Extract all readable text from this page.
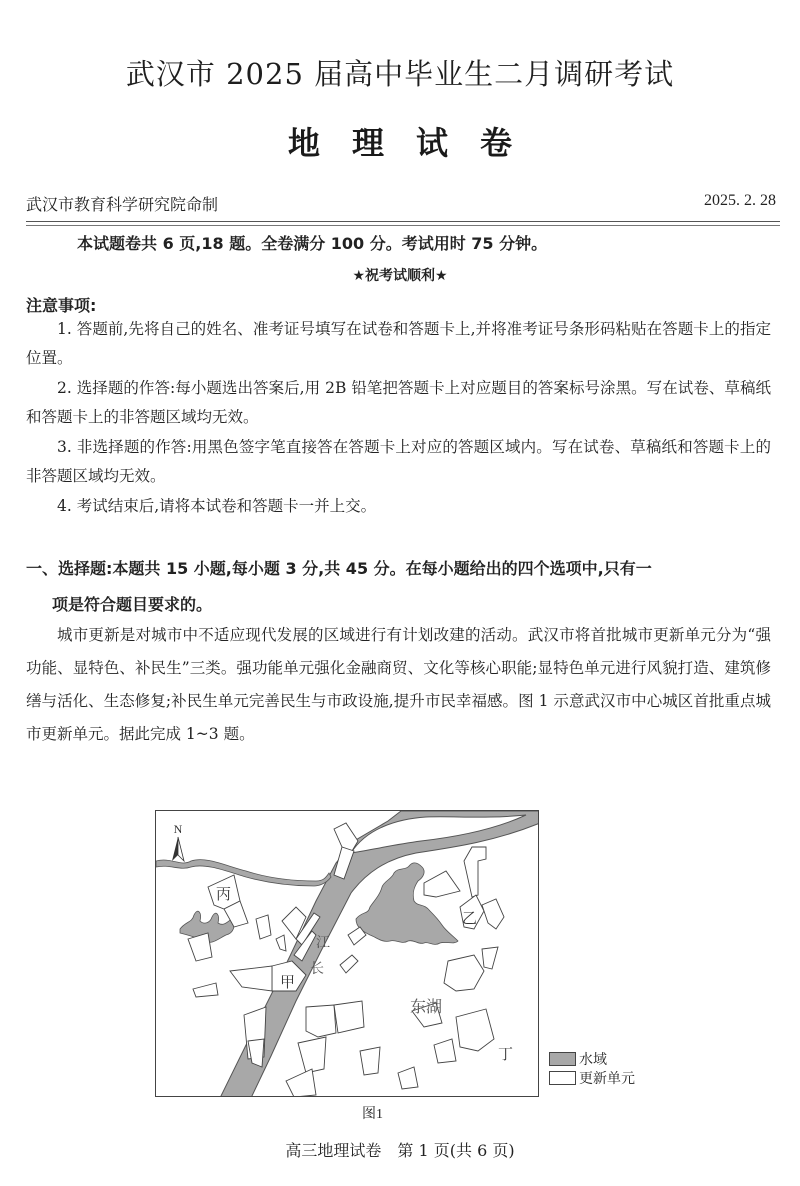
武汉市 2025 届高中毕业生二月调研考试
地 理 试 卷
武汉市教育科学研究院命制	2025. 2. 28
本试题卷共 6 页,18 题。全卷满分 100 分。考试用时 75 分钟。
★祝考试顺利★
注意事项:
1. 答题前,先将自己的姓名、准考证号填写在试卷和答题卡上,并将准考证号条形码粘贴在答题卡上的指定位置。
2. 选择题的作答:每小题选出答案后,用 2B 铅笔把答题卡上对应题目的答案标号涂黑。写在试卷、草稿纸和答题卡上的非答题区域均无效。
3. 非选择题的作答:用黑色签字笔直接答在答题卡上对应的答题区域内。写在试卷、草稿纸和答题卡上的非答题区域均无效。
4. 考试结束后,请将本试卷和答题卡一并上交。
一、选择题:本题共 15 小题,每小题 3 分,共 45 分。在每小题给出的四个选项中,只有一
项是符合题目要求的。
城市更新是对城市中不适应现代发展的区域进行有计划改建的活动。武汉市将首批城市更新单元分为“强功能、显特色、补民生”三类。强功能单元强化金融商贸、文化等核心职能;显特色单元进行风貌打造、建筑修缮与活化、生态修复;补民生单元完善民生与市政设施,提升市民幸福感。图 1 示意武汉市中心城区首批重点城市更新单元。据此完成 1~3 题。
N
丙
甲
乙
丁
江
长
东湖
水域
更新单元
图1
高三地理试卷　第 1 页(共 6 页)
